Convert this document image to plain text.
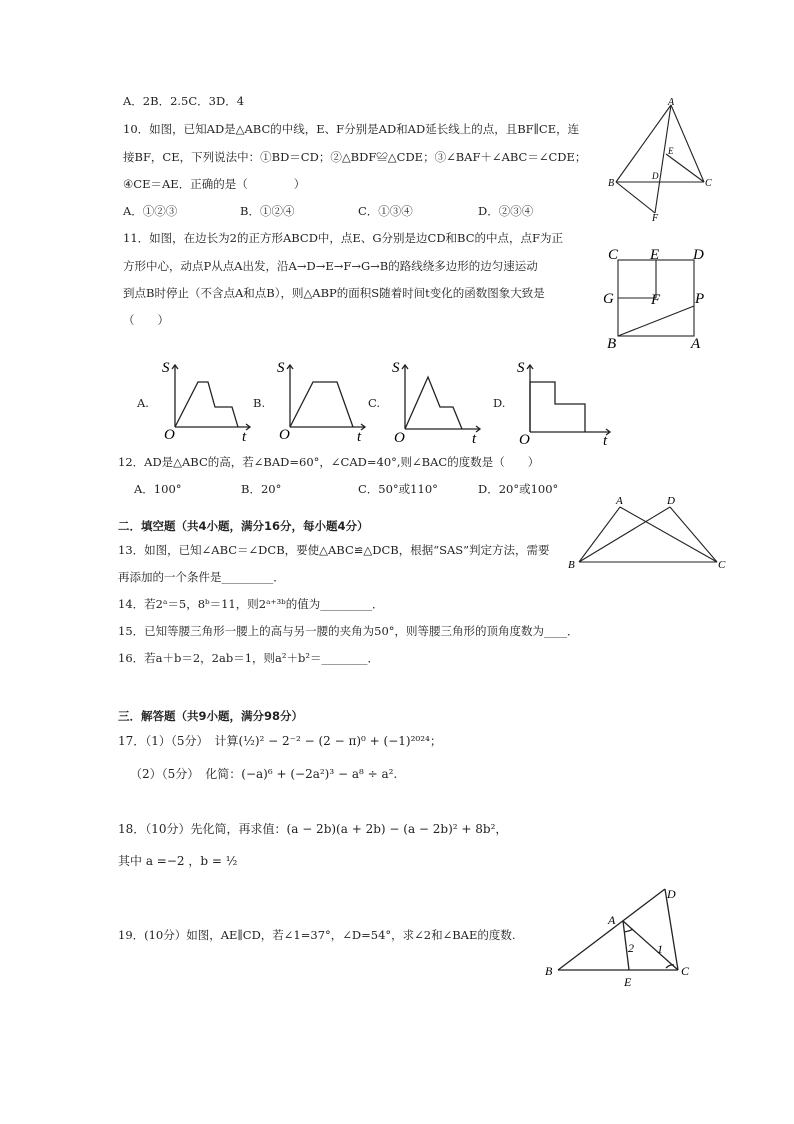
A．2B．2.5C．3D．4
10．如图，已知AD是△ABC的中线，E、F分别是AD和AD延长线上的点，且BF∥CE，连
接BF，CE，下列说法中：①BD＝CD；②△BDF≌△CDE；③∠BAF＋∠ABC＝∠CDE；
④CE＝AE．正确的是（　　　　）
A．①②③	B．①②④	C．①③④	D．②③④
A
E
D
B	C
F
11．如图，在边长为2的正方形ABCD中，点E、G分别是边CD和BC的中点，点F为正
方形中心，动点P从点A出发，沿A→D→E→F→G→B的路线绕多边形的边匀速运动
到点B时停止（不含点A和点B），则△ABP的面积S随着时间t变化的函数图象大致是
（　　）
C E D
G F P
B	A
A.
S
O	t
B.
S
O	t
C.
S
O	t
D.
S
O	t
12．AD是△ABC的高，若∠BAD=60°，∠CAD=40°,则∠BAC的度数是（　　）
A．100°	B．20°	C．50°或110°	D．20°或100°
A	D
B	C
二．填空题（共4小题，满分16分，每小题4分）
13．如图，已知∠ABC＝∠DCB，要使△ABC≌△DCB，根据“SAS”判定方法，需要
再添加的一个条件是_________．
14．若2ᵃ＝5，8ᵇ＝11，则2ᵃ⁺³ᵇ的值为_________．
15．已知等腰三角形一腰上的高与另一腰的夹角为50°，则等腰三角形的顶角度数为____．
16．若a＋b＝2，2ab＝1，则a²＋b²＝________．
三．解答题（共9小题，满分98分）
17．（1）（5分）　计算(½)² − 2⁻² − (2 − π)⁰ + (−1)²⁰²⁴；
（2）（5分）　化简：(−a)⁶ + (−2a²)³ − a⁸ ÷ a².
18．（10分）先化简，再求值：(a − 2b)(a + 2b) − (a − 2b)² + 8b²，
其中 a =−2 ，b = ½
19．(10分）如图，AE∥CD，若∠1=37°，∠D=54°，求∠2和∠BAE的度数.
D
A
2 1
B
E
C
